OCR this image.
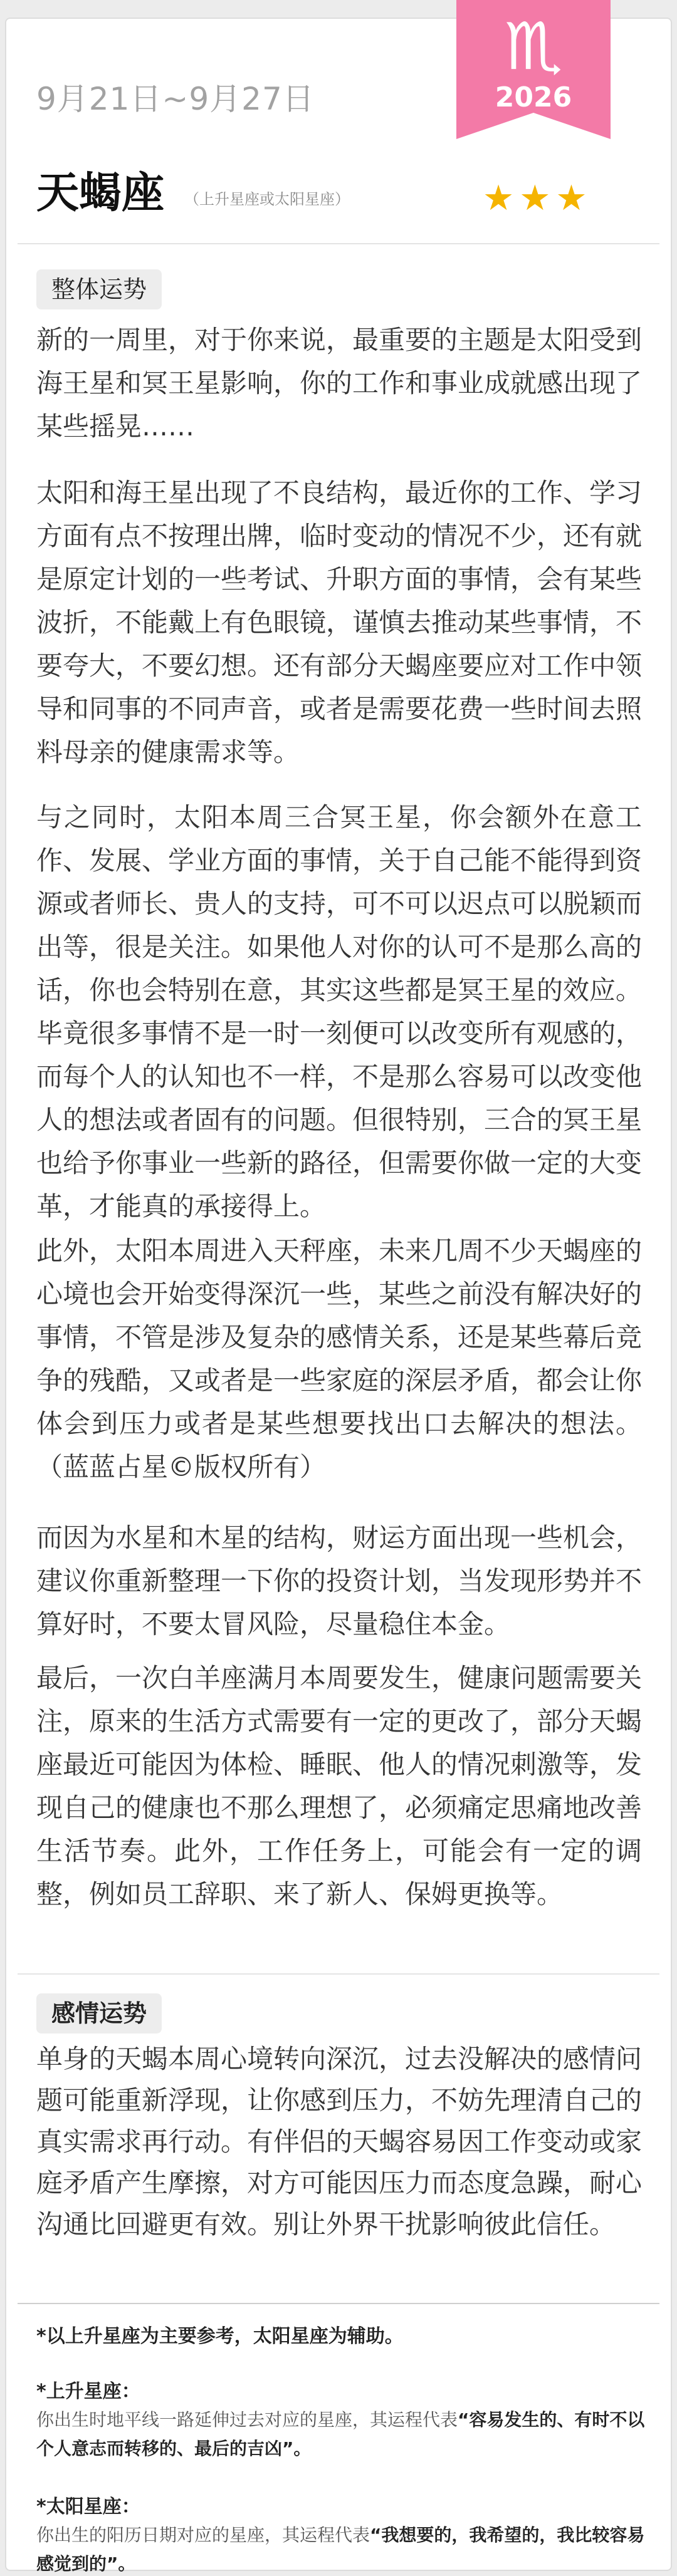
9月21日~9月27日
♏
2026
天蝎座 （上升星座或太阳星座）	★★★
整体运势
新的一周里，对于你来说，最重要的主题是太阳受到海王星和冥王星影响，你的工作和事业成就感出现了某些摇晃……
太阳和海王星出现了不良结构，最近你的工作、学习方面有点不按理出牌，临时变动的情况不少，还有就是原定计划的一些考试、升职方面的事情，会有某些波折，不能戴上有色眼镜，谨慎去推动某些事情，不要夸大，不要幻想。还有部分天蝎座要应对工作中领导和同事的不同声音，或者是需要花费一些时间去照料母亲的健康需求等。
与之同时，太阳本周三合冥王星，你会额外在意工作、发展、学业方面的事情，关于自己能不能得到资源或者师长、贵人的支持，可不可以迟点可以脱颖而出等，很是关注。如果他人对你的认可不是那么高的话，你也会特别在意，其实这些都是冥王星的效应。毕竟很多事情不是一时一刻便可以改变所有观感的，而每个人的认知也不一样，不是那么容易可以改变他人的想法或者固有的问题。但很特别，三合的冥王星也给予你事业一些新的路径，但需要你做一定的大变革，才能真的承接得上。
此外，太阳本周进入天秤座，未来几周不少天蝎座的心境也会开始变得深沉一些，某些之前没有解决好的事情，不管是涉及复杂的感情关系，还是某些幕后竞争的残酷，又或者是一些家庭的深层矛盾，都会让你体会到压力或者是某些想要找出口去解决的想法。 （蓝蓝占星©版权所有）
而因为水星和木星的结构，财运方面出现一些机会，建议你重新整理一下你的投资计划，当发现形势并不算好时，不要太冒风险，尽量稳住本金。
最后，一次白羊座满月本周要发生，健康问题需要关注，原来的生活方式需要有一定的更改了，部分天蝎座最近可能因为体检、睡眠、他人的情况刺激等，发现自己的健康也不那么理想了，必须痛定思痛地改善生活节奏。此外，工作任务上，可能会有一定的调整，例如员工辞职、来了新人、保姆更换等。
感情运势
单身的天蝎本周心境转向深沉，过去没解决的感情问题可能重新浮现，让你感到压力，不妨先理清自己的真实需求再行动。有伴侣的天蝎容易因工作变动或家庭矛盾产生摩擦，对方可能因压力而态度急躁，耐心沟通比回避更有效。别让外界干扰影响彼此信任。
*以上升星座为主要参考，太阳星座为辅助。
*上升星座：
你出生时地平线一路延伸过去对应的星座，其运程代表“容易发生的、有时不以个人意志而转移的、最后的吉凶”。
*太阳星座：
你出生的阳历日期对应的星座，其运程代表“我想要的，我希望的，我比较容易感觉到的”。
